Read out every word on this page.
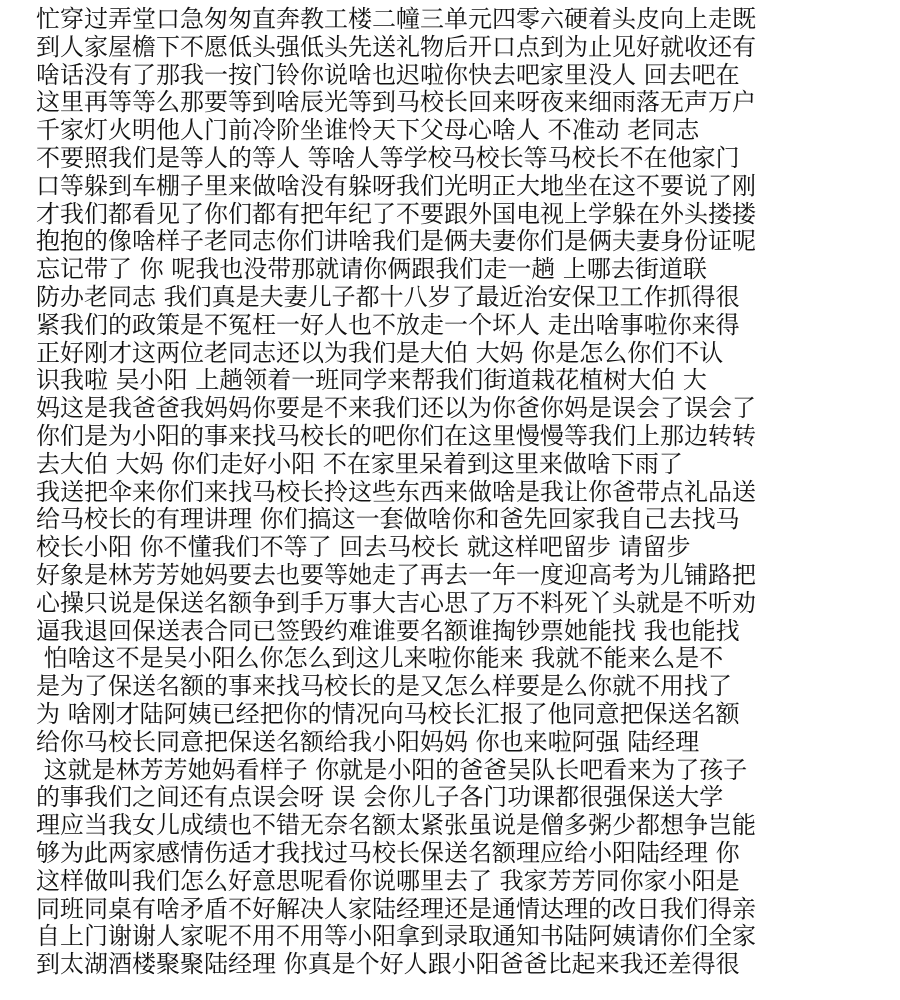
忙穿过弄堂口急匆匆直奔教工楼二幢三单元四零六硬着头皮向上走既
到人家屋檐下不愿低头强低头先送礼物后开口点到为止见好就收还有
啥话没有了那我一按门铃你说啥也迟啦你快去吧家里没人 回去吧在
这里再等等么那要等到啥辰光等到马校长回来呀夜来细雨落无声万户
千家灯火明他人门前冷阶坐谁怜天下父母心啥人 不准动 老同志
不要照我们是等人的等人 等啥人等学校马校长等马校长不在他家门
口等躲到车棚子里来做啥没有躲呀我们光明正大地坐在这不要说了刚
才我们都看见了你们都有把年纪了不要跟外国电视上学躲在外头搂搂
抱抱的像啥样子老同志你们讲啥我们是俩夫妻你们是俩夫妻身份证呢
忘记带了 你 呢我也没带那就请你俩跟我们走一趟 上哪去街道联
防办老同志 我们真是夫妻儿子都十八岁了最近治安保卫工作抓得很
紧我们的政策是不冤枉一好人也不放走一个坏人 走出啥事啦你来得
正好刚才这两位老同志还以为我们是大伯 大妈 你是怎么你们不认
识我啦 吴小阳 上趟领着一班同学来帮我们街道栽花植树大伯 大
妈这是我爸爸我妈妈你要是不来我们还以为你爸你妈是误会了误会了
你们是为小阳的事来找马校长的吧你们在这里慢慢等我们上那边转转
去大伯 大妈 你们走好小阳 不在家里呆着到这里来做啥下雨了
我送把伞来你们来找马校长拎这些东西来做啥是我让你爸带点礼品送
给马校长的有理讲理 你们搞这一套做啥你和爸先回家我自己去找马
校长小阳 你不懂我们不等了 回去马校长 就这样吧留步 请留步
好象是林芳芳她妈要去也要等她走了再去一年一度迎高考为儿铺路把
心操只说是保送名额争到手万事大吉心思了万不料死丫头就是不听劝
逼我退回保送表合同已签毁约难谁要名额谁掏钞票她能找 我也能找
怕啥这不是吴小阳么你怎么到这儿来啦你能来 我就不能来么是不
是为了保送名额的事来找马校长的是又怎么样要是么你就不用找了
为 啥刚才陆阿姨已经把你的情况向马校长汇报了他同意把保送名额
给你马校长同意把保送名额给我小阳妈妈 你也来啦阿强 陆经理
这就是林芳芳她妈看样子 你就是小阳的爸爸吴队长吧看来为了孩子
的事我们之间还有点误会呀 误 会你儿子各门功课都很强保送大学
理应当我女儿成绩也不错无奈名额太紧张虽说是僧多粥少都想争岂能
够为此两家感情伤适才我找过马校长保送名额理应给小阳陆经理 你
这样做叫我们怎么好意思呢看你说哪里去了 我家芳芳同你家小阳是
同班同桌有啥矛盾不好解决人家陆经理还是通情达理的改日我们得亲
自上门谢谢人家呢不用不用等小阳拿到录取通知书陆阿姨请你们全家
到太湖酒楼聚聚陆经理 你真是个好人跟小阳爸爸比起来我还差得很
